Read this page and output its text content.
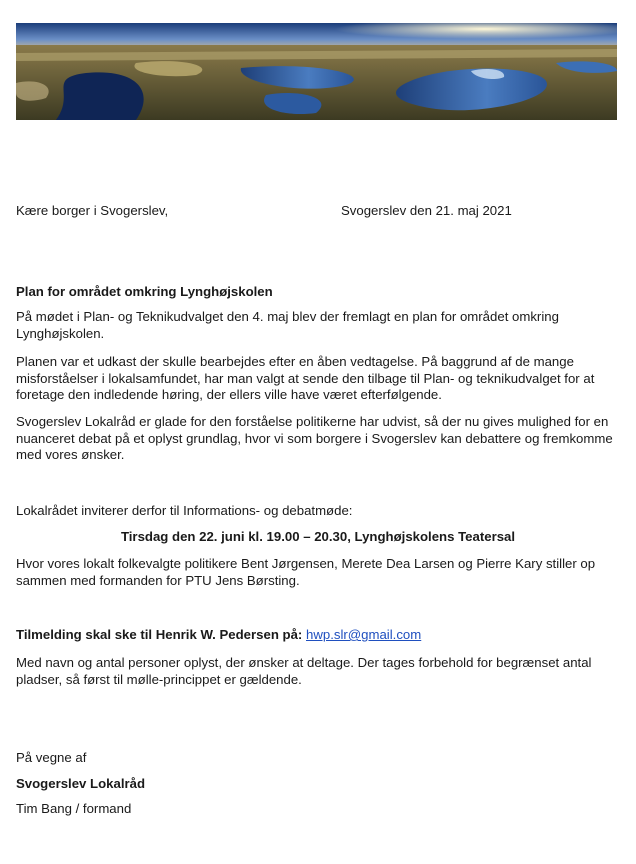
Kære borger i Svogerslev,	Svogerslev den 21. maj 2021

Plan for området omkring Lynghøjskolen

På mødet i Plan- og Teknikudvalget den 4. maj blev der fremlagt en plan for området omkring Lynghøjskolen.

Planen var et udkast der skulle bearbejdes efter en åben vedtagelse. På baggrund af de mange misforståelser i lokalsamfundet, har man valgt at sende den tilbage til Plan- og teknikudvalget for at foretage den indledende høring, der ellers ville have været efterfølgende.

Svogerslev Lokalråd er glade for den forståelse politikerne har udvist, så der nu gives mulighed for en nuanceret debat på et oplyst grundlag, hvor vi som borgere i Svogerslev kan debattere og fremkomme med vores ønsker.

Lokalrådet inviterer derfor til Informations- og debatmøde:

Tirsdag den 22. juni kl. 19.00 – 20.30, Lynghøjskolens Teatersal

Hvor vores lokalt folkevalgte politikere Bent Jørgensen, Merete Dea Larsen og Pierre Kary stiller op sammen med formanden for PTU Jens Børsting.

Tilmelding skal ske til Henrik W. Pedersen på: hwp.slr@gmail.com

Med navn og antal personer oplyst, der ønsker at deltage. Der tages forbehold for begrænset antal pladser, så først til mølle-princippet er gældende.

På vegne af

Svogerslev Lokalråd

Tim Bang / formand
